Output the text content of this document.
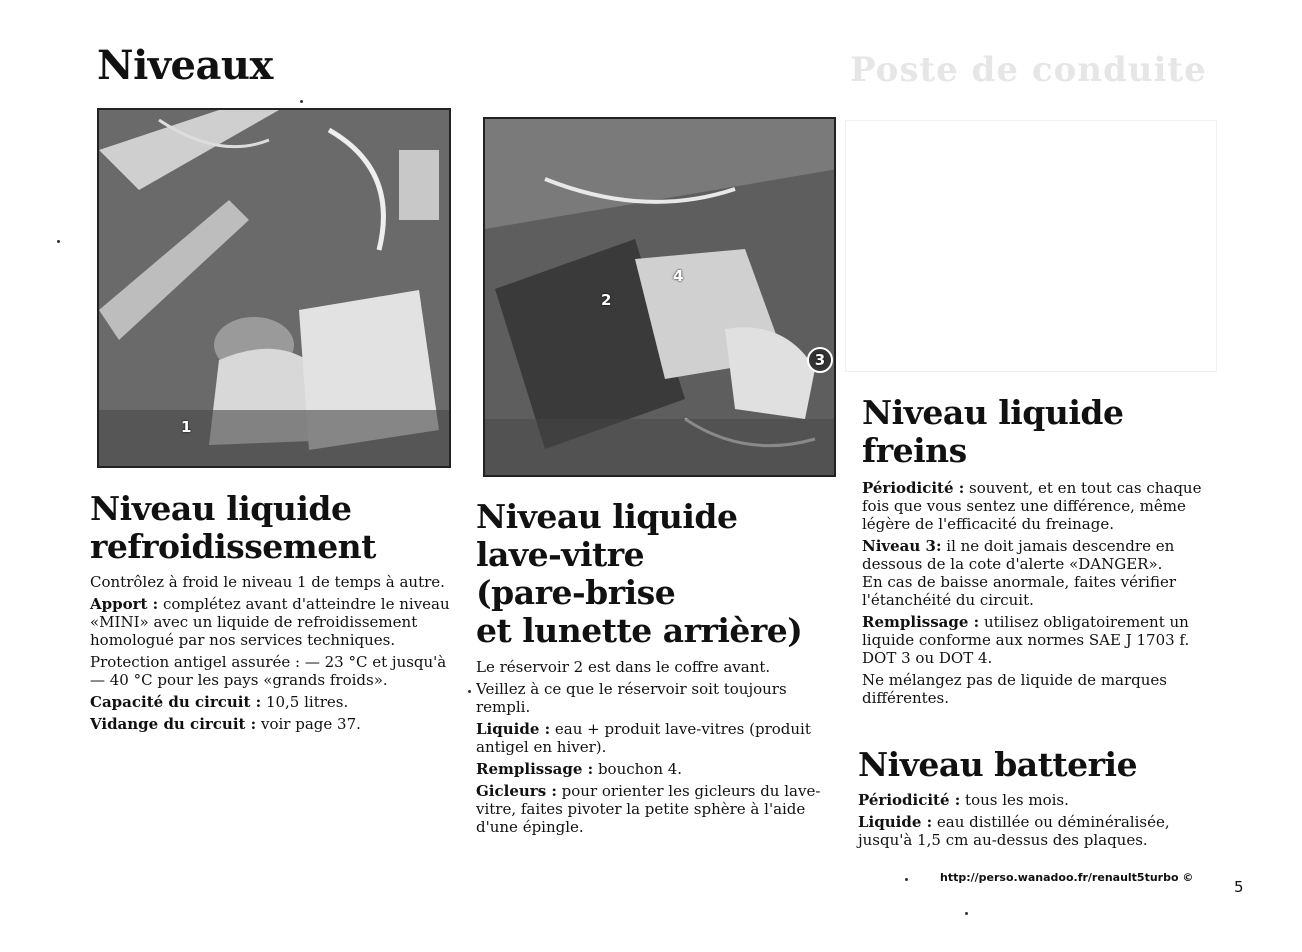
Poste de conduite
Niveaux
1
2
4
3
Niveau liquide
refroidissement

Contrôlez à froid le niveau 1 de temps à autre.

Apport : complétez avant d'atteindre le niveau «MINI» avec un liquide de refroidissement homologué par nos services techniques.

Protection antigel assurée : — 23 °C et jusqu'à — 40 °C pour les pays «grands froids».

Capacité du circuit : 10,5 litres.

Vidange du circuit : voir page 37.

Niveau liquide
lave-vitre
(pare-brise
et lunette arrière)

Le réservoir 2 est dans le coffre avant.

Veillez à ce que le réservoir soit toujours rempli.

Liquide : eau + produit lave-vitres (produit antigel en hiver).

Remplissage : bouchon 4.

Gicleurs : pour orienter les gicleurs du lave-vitre, faites pivoter la petite sphère à l'aide d'une épingle.

Niveau liquide
freins

Périodicité : souvent, et en tout cas chaque fois que vous sentez une différence, même légère de l'efficacité du freinage.

Niveau 3: il ne doit jamais descendre en dessous de la cote d'alerte «DANGER».

En cas de baisse anormale, faites vérifier l'étanchéité du circuit.

Remplissage : utilisez obligatoirement un liquide conforme aux normes SAE J 1703 f. DOT 3 ou DOT 4.

Ne mélangez pas de liquide de marques différentes.

Niveau batterie

Périodicité : tous les mois.

Liquide : eau distillée ou déminéralisée, jusqu'à 1,5 cm au-dessus des plaques.

http://perso.wanadoo.fr/renault5turbo ©
5
